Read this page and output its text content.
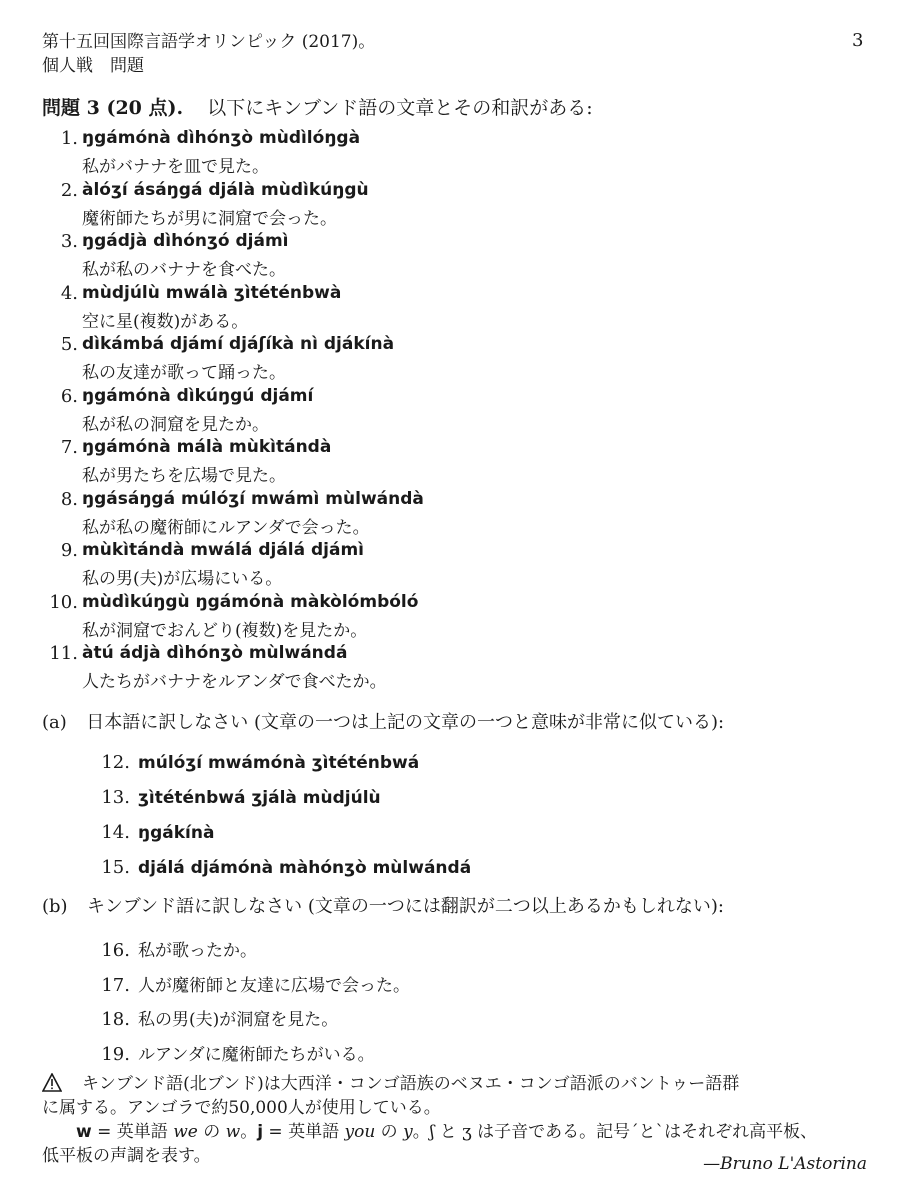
第十五回国際言語学オリンピック (2017)。
個人戦　問題
3
問題 3 (20 点). 以下にキンブンド語の文章とその和訳がある:
1. ŋgámónà dìhónʒò mùdìlóŋgà
私がバナナを皿で見た。
2. àlóʒí ásáŋgá djálà mùdìkúŋgù
魔術師たちが男に洞窟で会った。
3. ŋgádjà dìhónʒó djámì
私が私のバナナを食べた。
4. mùdjúlù mwálà ʒìtéténbwà
空に星(複数)がある。
5. dìkámbá djámí djáʃíkà nì djákínà
私の友達が歌って踊った。
6. ŋgámónà dìkúŋgú djámí
私が私の洞窟を見たか。
7. ŋgámónà málà mùkìtándà
私が男たちを広場で見た。
8. ŋgásáŋgá múlóʒí mwámì mùlwándà
私が私の魔術師にルアンダで会った。
9. mùkìtándà mwálá djálá djámì
私の男(夫)が広場にいる。
10. mùdìkúŋgù ŋgámónà màkòlómbóló
私が洞窟でおんどり(複数)を見たか。
11. àtú ádjà dìhónʒò mùlwándá
人たちがバナナをルアンダで食べたか。
(a) 日本語に訳しなさい (文章の一つは上記の文章の一つと意味が非常に似ている):
12. múlóʒí mwámónà ʒìtéténbwá
13. ʒìtéténbwá ʒjálà mùdjúlù
14. ŋgákínà
15. djálá djámónà màhónʒò mùlwándá
(b) キンブンド語に訳しなさい (文章の一つには翻訳が二つ以上あるかもしれない):
16. 私が歌ったか。
17. 人が魔術師と友達に広場で会った。
18. 私の男(夫)が洞窟を見た。
19. ルアンダに魔術師たちがいる。

キンブンド語(北ブンド)は大西洋・コンゴ語族のベヌエ・コンゴ語派のバントゥー語群

に属する。アンゴラで約50,000人が使用している。

w = 英単語 we の w。j = 英単語 you の y。ʃ と ʒ は子音である。記号´と`はそれぞれ高平板、

低平板の声調を表す。	—Bruno L'Astorina
